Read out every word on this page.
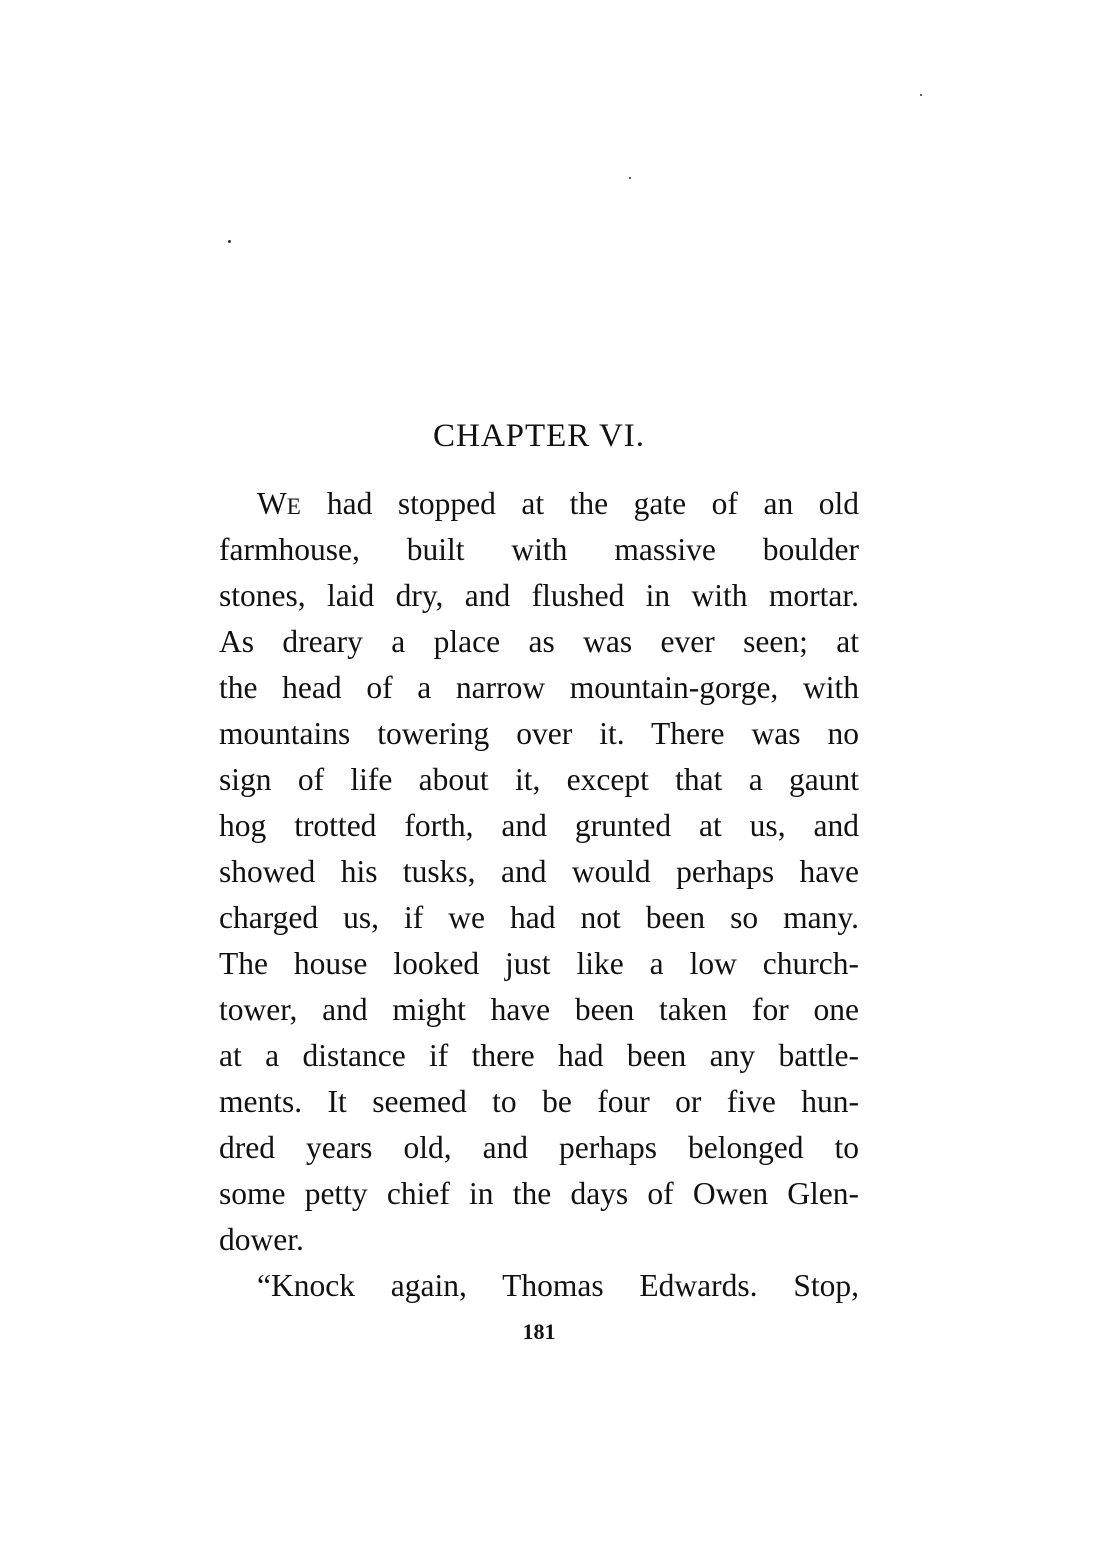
CHAPTER VI.
WE had stopped at the gate of an old
farmhouse, built with massive boulder
stones, laid dry, and flushed in with mortar.
As dreary a place as was ever seen; at
the head of a narrow mountain-gorge, with
mountains towering over it. There was no
sign of life about it, except that a gaunt
hog trotted forth, and grunted at us, and
showed his tusks, and would perhaps have
charged us, if we had not been so many.
The house looked just like a low church-
tower, and might have been taken for one
at a distance if there had been any battle-
ments. It seemed to be four or five hun-
dred years old, and perhaps belonged to
some petty chief in the days of Owen Glen-
dower.
“Knock again, Thomas Edwards. Stop,
181
